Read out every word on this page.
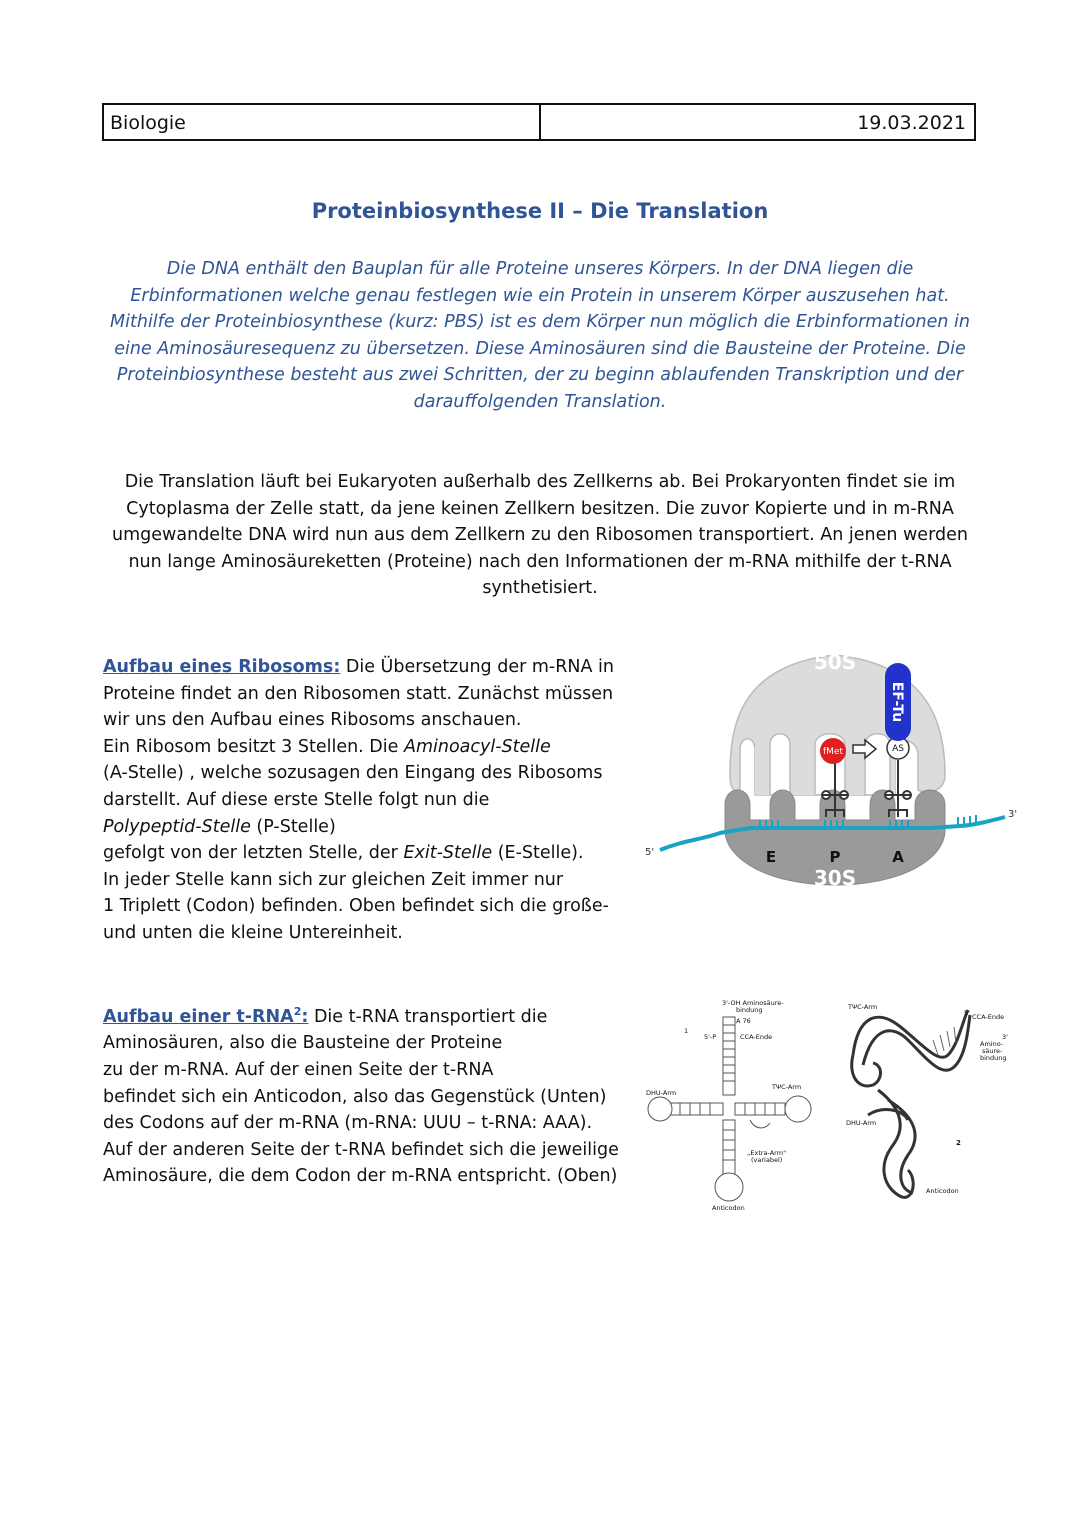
Biologie	19.03.2021
Proteinbiosynthese II – Die Translation
Die DNA enthält den Bauplan für alle Proteine unseres Körpers. In der DNA liegen die
Erbinformationen welche genau festlegen wie ein Protein in unserem Körper auszusehen hat.
Mithilfe der Proteinbiosynthese (kurz: PBS) ist es dem Körper nun möglich die Erbinformationen in
eine Aminosäuresequenz zu übersetzen. Diese Aminosäuren sind die Bausteine der Proteine. Die
Proteinbiosynthese besteht aus zwei Schritten, der zu beginn ablaufenden Transkription und der
darauffolgenden Translation.
Die Translation läuft bei Eukaryoten außerhalb des Zellkerns ab. Bei Prokaryonten findet sie im
Cytoplasma der Zelle statt, da jene keinen Zellkern besitzen. Die zuvor Kopierte und in m-RNA
umgewandelte DNA wird nun aus dem Zellkern zu den Ribosomen transportiert. An jenen werden
nun lange Aminosäureketten (Proteine) nach den Informationen der m-RNA mithilfe der t-RNA
synthetisiert.
Aufbau eines Ribosoms: Die Übersetzung der m-RNA in
Proteine findet an den Ribosomen statt. Zunächst müssen
wir uns den Aufbau eines Ribosoms anschauen.
Ein Ribosom besitzt 3 Stellen. Die Aminoacyl-Stelle
(A-Stelle) , welche sozusagen den Eingang des Ribosoms
darstellt. Auf diese erste Stelle folgt nun die
Polypeptid-Stelle (P-Stelle)
gefolgt von der letzten Stelle, der Exit-Stelle (E-Stelle).
In jeder Stelle kann sich zur gleichen Zeit immer nur
1 Triplett (Codon) befinden. Oben befindet sich die große-
und unten die kleine Untereinheit.
Aufbau einer t-RNA$^2$: Die t-RNA transportiert die
Aminosäuren, also die Bausteine der Proteine
zu der m-RNA. Auf der einen Seite der t-RNA
befindet sich ein Anticodon, also das Gegenstück (Unten)
des Codons auf der m-RNA (m-RNA: UUU – t-RNA: AAA).
Auf der anderen Seite der t-RNA befindet sich die jeweilige
Aminosäure, die dem Codon der m-RNA entspricht. (Oben)
50S
30S
E	P	A
5'
3'
fMet	AS
EF-Tu
3'-OH Aminosäure-
bindung
A 76
CCA-Ende
5'-P
1
DHU-Arm
TΨC-Arm
„Extra-Arm"
(variabel)
Anticodon
TΨC-Arm
5' CCA-Ende
3'
Amino-
säure-
bindung
DHU-Arm
2
Anticodon
